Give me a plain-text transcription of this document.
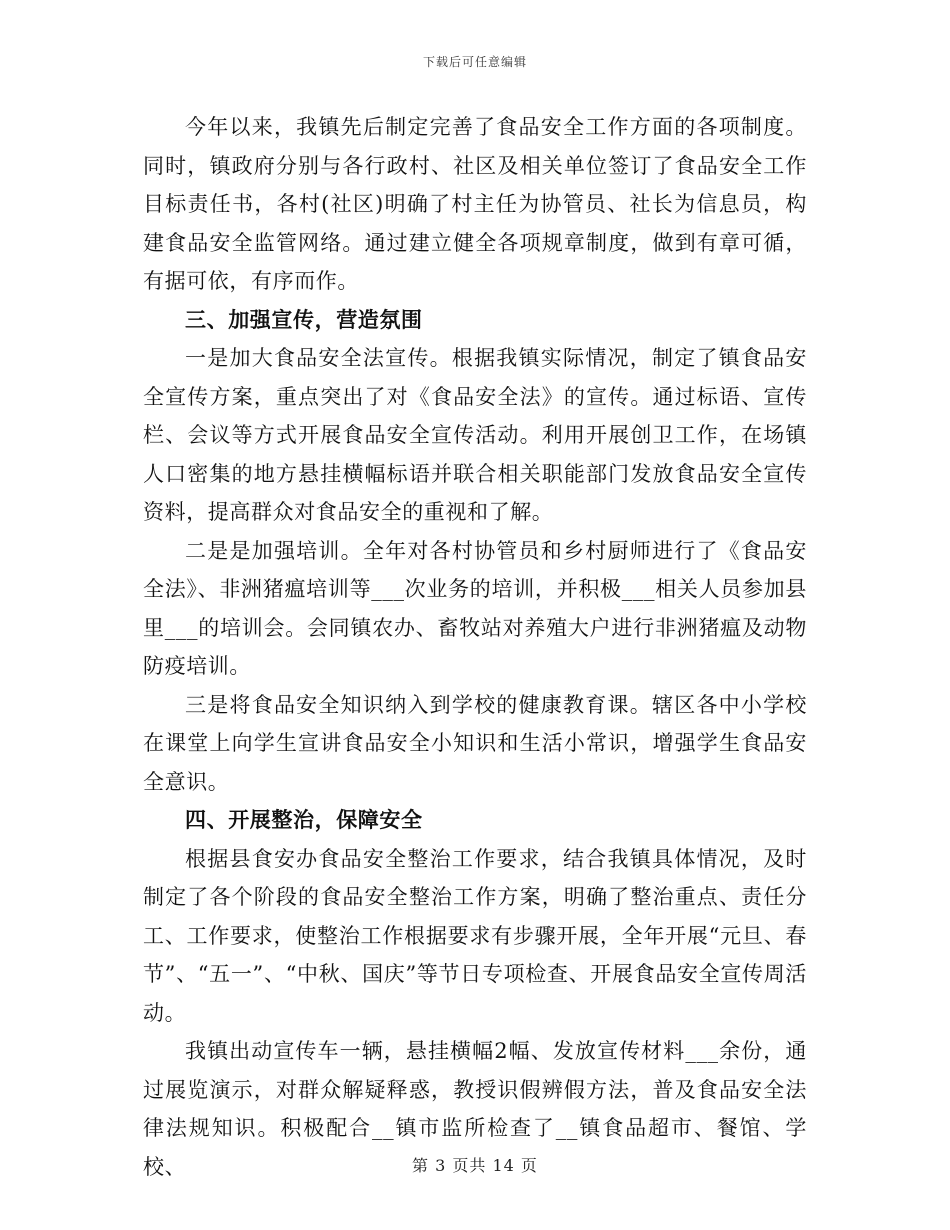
下载后可任意编辑

今年以来，我镇先后制定完善了食品安全工作方面的各项制度。同时，镇政府分别与各行政村、社区及相关单位签订了食品安全工作目标责任书，各村(社区)明确了村主任为协管员、社长为信息员，构建食品安全监管网络。通过建立健全各项规章制度，做到有章可循，有据可依，有序而作。

三、加强宣传，营造氛围

一是加大食品安全法宣传。根据我镇实际情况，制定了镇食品安全宣传方案，重点突出了对《食品安全法》的宣传。通过标语、宣传栏、会议等方式开展食品安全宣传活动。利用开展创卫工作，在场镇人口密集的地方悬挂横幅标语并联合相关职能部门发放食品安全宣传资料，提高群众对食品安全的重视和了解。

二是是加强培训。全年对各村协管员和乡村厨师进行了《食品安全法》、非洲猪瘟培训等___次业务的培训，并积极___相关人员参加县里___的培训会。会同镇农办、畜牧站对养殖大户进行非洲猪瘟及动物防疫培训。

三是将食品安全知识纳入到学校的健康教育课。辖区各中小学校在课堂上向学生宣讲食品安全小知识和生活小常识，增强学生食品安全意识。

四、开展整治，保障安全

根据县食安办食品安全整治工作要求，结合我镇具体情况，及时制定了各个阶段的食品安全整治工作方案，明确了整治重点、责任分工、工作要求，使整治工作根据要求有步骤开展，全年开展“元旦、春节”、“五一”、“中秋、国庆”等节日专项检查、开展食品安全宣传周活动。

我镇出动宣传车一辆，悬挂横幅2幅、发放宣传材料___余份，通过展览演示，对群众解疑释惑，教授识假辨假方法，普及食品安全法律法规知识。积极配合__镇市监所检查了__镇食品超市、餐馆、学校、	第 3 页共 14 页
